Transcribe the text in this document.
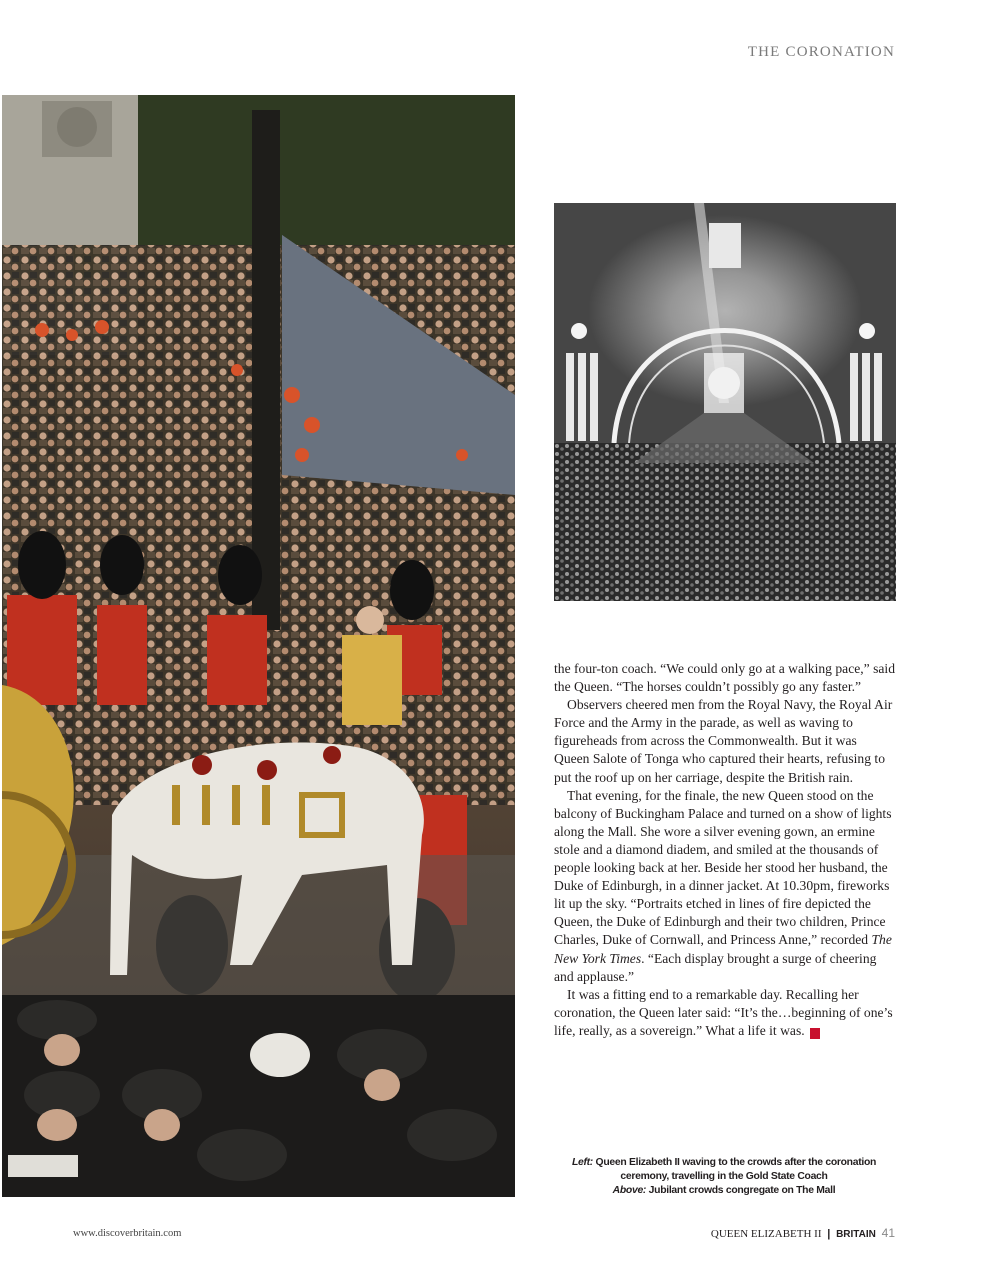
THE CORONATION

the four-ton coach. “We could only go at a walking pace,” said the Queen. “The horses couldn’t possibly go any faster.”

Observers cheered men from the Royal Navy, the Royal Air Force and the Army in the parade, as well as waving to figureheads from across the Commonwealth. But it was Queen Salote of Tonga who captured their hearts, refusing to put the roof up on her carriage, despite the British rain.

That evening, for the finale, the new Queen stood on the balcony of Buckingham Palace and turned on a show of lights along the Mall. She wore a silver evening gown, an ermine stole and a diamond diadem, and smiled at the thousands of people looking back at her. Beside her stood her husband, the Duke of Edinburgh, in a dinner jacket. At 10.30pm, fireworks lit up the sky. “Portraits etched in lines of fire depicted the Queen, the Duke of Edinburgh and their two children, Prince Charles, Duke of Cornwall, and Princess Anne,” recorded The New York Times. “Each display brought a surge of cheering and applause.”

It was a fitting end to a remarkable day. Recalling her coronation, the Queen later said: “It’s the…beginning of one’s life, really, as a sovereign.” What a life it was. B

Left: Queen Elizabeth II waving to the crowds after the coronation ceremony, travelling in the Gold State Coach
Above: Jubilant crowds congregate on The Mall
www.discoverbritain.com	QUEEN ELIZABETH II | BRITAIN 41
